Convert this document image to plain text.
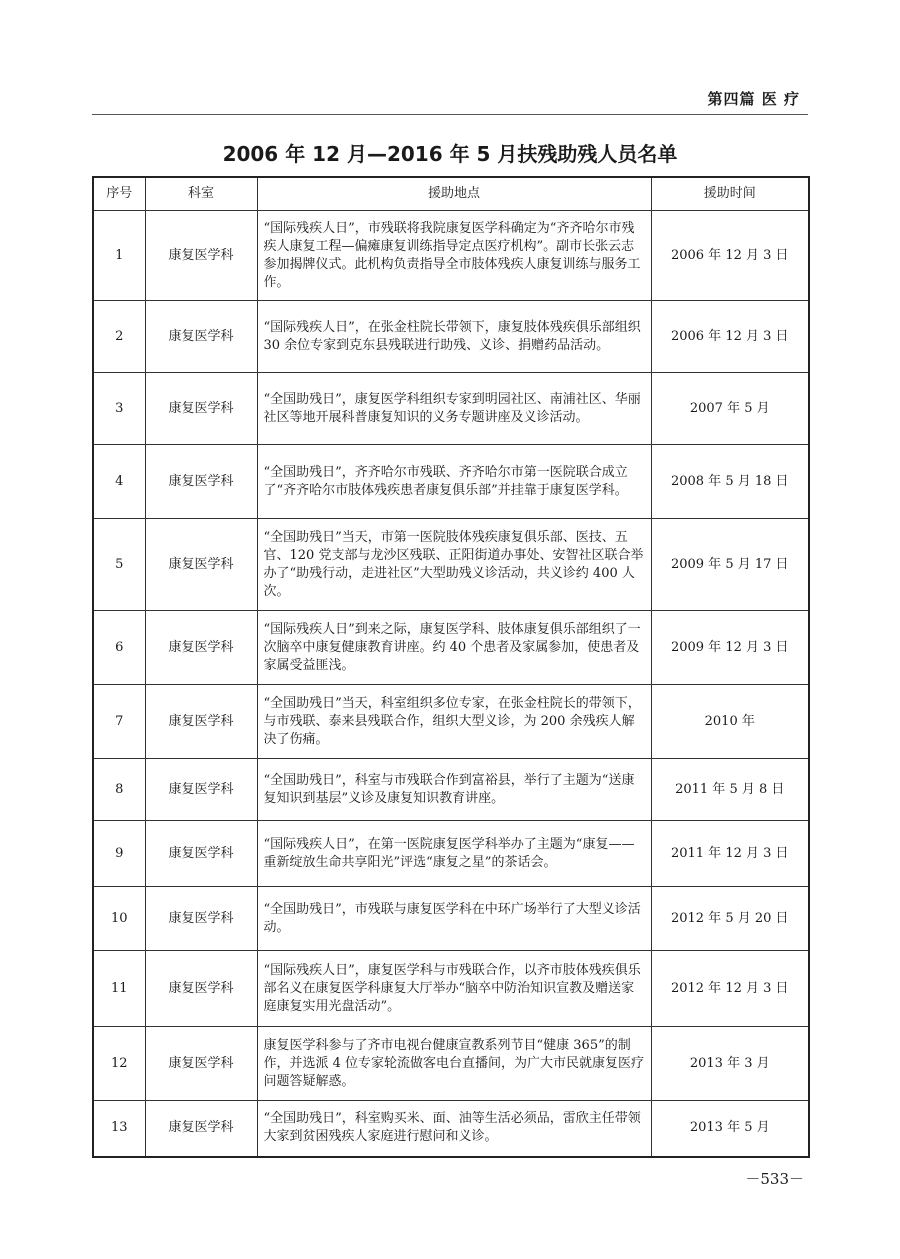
第四篇 医 疗
2006 年 12 月—2016 年 5 月扶残助残人员名单
序号	科室	援助地点	援助时间
1	康复医学科	“国际残疾人日”，市残联将我院康复医学科确定为“齐齐哈尔市残疾人康复工程—偏瘫康复训练指导定点医疗机构”。副市长张云志参加揭牌仪式。此机构负责指导全市肢体残疾人康复训练与服务工作。	2006 年 12 月 3 日
2	康复医学科	“国际残疾人日”，在张金柱院长带领下，康复肢体残疾俱乐部组织 30 余位专家到克东县残联进行助残、义诊、捐赠药品活动。	2006 年 12 月 3 日
3	康复医学科	“全国助残日”，康复医学科组织专家到明园社区、南浦社区、华丽社区等地开展科普康复知识的义务专题讲座及义诊活动。	2007 年 5 月
4	康复医学科	“全国助残日”，齐齐哈尔市残联、齐齐哈尔市第一医院联合成立了“齐齐哈尔市肢体残疾患者康复俱乐部”并挂靠于康复医学科。	2008 年 5 月 18 日
5	康复医学科	“全国助残日”当天，市第一医院肢体残疾康复俱乐部、医技、五官、120 党支部与龙沙区残联、正阳街道办事处、安智社区联合举办了“助残行动，走进社区”大型助残义诊活动，共义诊约 400 人次。	2009 年 5 月 17 日
6	康复医学科	“国际残疾人日”到来之际，康复医学科、肢体康复俱乐部组织了一次脑卒中康复健康教育讲座。约 40 个患者及家属参加，使患者及家属受益匪浅。	2009 年 12 月 3 日
7	康复医学科	“全国助残日”当天，科室组织多位专家，在张金柱院长的带领下，与市残联、泰来县残联合作，组织大型义诊，为 200 余残疾人解决了伤痛。	2010 年
8	康复医学科	“全国助残日”，科室与市残联合作到富裕县，举行了主题为“送康复知识到基层”义诊及康复知识教育讲座。	2011 年 5 月 8 日
9	康复医学科	“国际残疾人日”，在第一医院康复医学科举办了主题为“康复——重新绽放生命共享阳光”评选“康复之星”的茶话会。	2011 年 12 月 3 日
10	康复医学科	“全国助残日”，市残联与康复医学科在中环广场举行了大型义诊活动。	2012 年 5 月 20 日
11	康复医学科	“国际残疾人日”，康复医学科与市残联合作，以齐市肢体残疾俱乐部名义在康复医学科康复大厅举办“脑卒中防治知识宣教及赠送家庭康复实用光盘活动”。	2012 年 12 月 3 日
12	康复医学科	康复医学科参与了齐市电视台健康宣教系列节目“健康 365”的制作，并选派 4 位专家轮流做客电台直播间，为广大市民就康复医疗问题答疑解惑。	2013 年 3 月
13	康复医学科	“全国助残日”，科室购买米、面、油等生活必须品，雷欣主任带领大家到贫困残疾人家庭进行慰问和义诊。	2013 年 5 月
－533－
